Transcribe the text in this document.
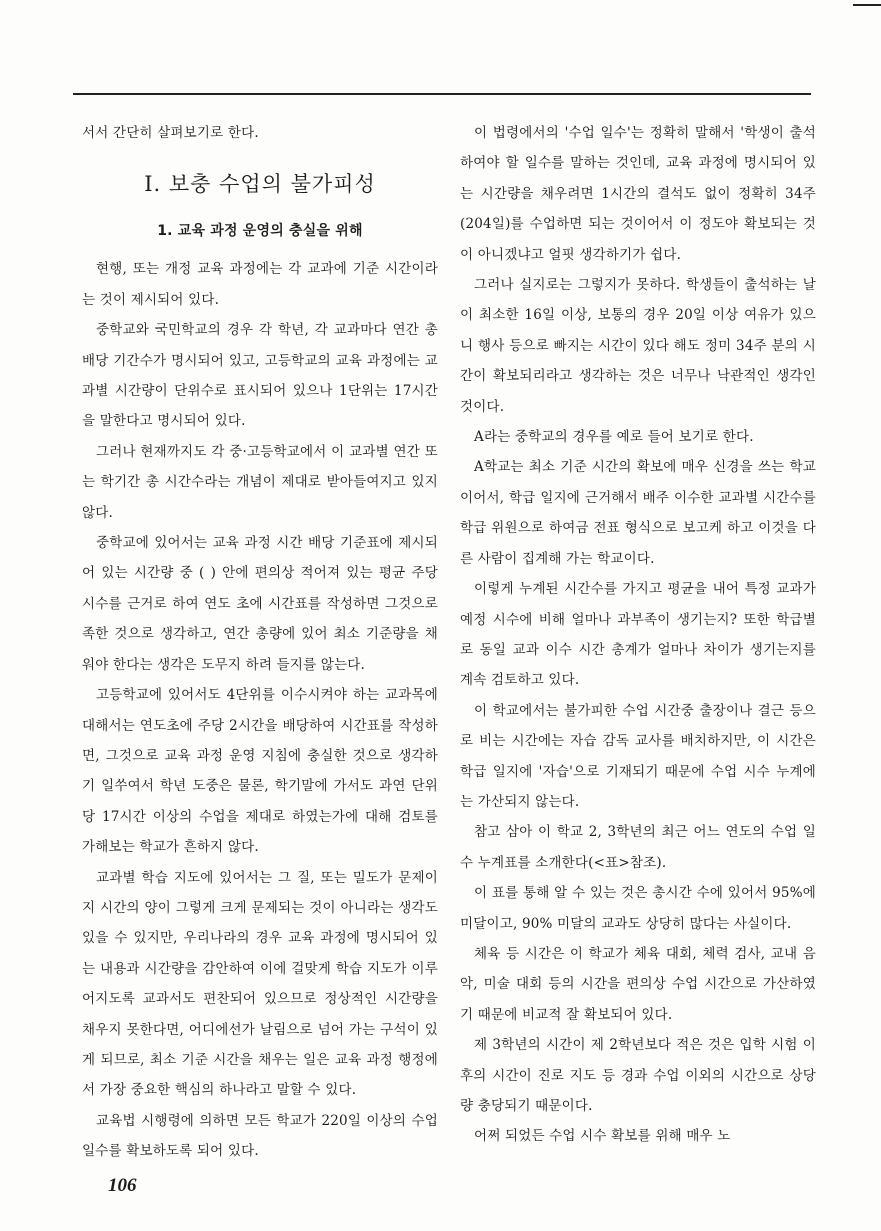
서서 간단히 살펴보기로 한다.

Ⅰ. 보충 수업의 불가피성
1. 교육 과정 운영의 충실을 위해

현행, 또는 개정 교육 과정에는 각 교과에 기준 시간이라는 것이 제시되어 있다.

중학교와 국민학교의 경우 각 학년, 각 교과마다 연간 총 배당 기간수가 명시되어 있고, 고등학교의 교육 과정에는 교과별 시간량이 단위수로 표시되어 있으나 1단위는 17시간을 말한다고 명시되어 있다.

그러나 현재까지도 각 중·고등학교에서 이 교과별 연간 또는 학기간 총 시간수라는 개념이 제대로 받아들여지고 있지 않다.

중학교에 있어서는 교육 과정 시간 배당 기준표에 제시되어 있는 시간량 중 ( ) 안에 편의상 적어져 있는 평균 주당 시수를 근거로 하여 연도 초에 시간표를 작성하면 그것으로 족한 것으로 생각하고, 연간 총량에 있어 최소 기준량을 채워야 한다는 생각은 도무지 하려 들지를 않는다.

고등학교에 있어서도 4단위를 이수시켜야 하는 교과목에 대해서는 연도초에 주당 2시간을 배당하여 시간표를 작성하면, 그것으로 교육 과정 운영 지침에 충실한 것으로 생각하기 일쑤여서 학년 도중은 물론, 학기말에 가서도 과연 단위당 17시간 이상의 수업을 제대로 하였는가에 대해 검토를 가해보는 학교가 흔하지 않다.

교과별 학습 지도에 있어서는 그 질, 또는 밀도가 문제이지 시간의 양이 그렇게 크게 문제되는 것이 아니라는 생각도 있을 수 있지만, 우리나라의 경우 교육 과정에 명시되어 있는 내용과 시간량을 감안하여 이에 걸맞게 학습 지도가 이루어지도록 교과서도 편찬되어 있으므로 정상적인 시간량을 채우지 못한다면, 어디에선가 날림으로 넘어 가는 구석이 있게 되므로, 최소 기준 시간을 채우는 일은 교육 과정 행정에서 가장 중요한 핵심의 하나라고 말할 수 있다.

교육법 시행령에 의하면 모든 학교가 220일 이상의 수업 일수를 확보하도록 되어 있다.

이 법령에서의 '수업 일수'는 정확히 말해서 '학생이 출석하여야 할 일수를 말하는 것인데, 교육 과정에 명시되어 있는 시간량을 채우려면 1시간의 결석도 없이 정확히 34주(204일)를 수업하면 되는 것이어서 이 정도야 확보되는 것이 아니겠냐고 얼핏 생각하기가 쉽다.

그러나 실지로는 그렇지가 못하다. 학생들이 출석하는 날이 최소한 16일 이상, 보통의 경우 20일 이상 여유가 있으니 행사 등으로 빠지는 시간이 있다 해도 정미 34주 분의 시간이 확보되리라고 생각하는 것은 너무나 낙관적인 생각인 것이다.

A라는 중학교의 경우를 예로 들어 보기로 한다.

A학교는 최소 기준 시간의 확보에 매우 신경을 쓰는 학교이어서, 학급 일지에 근거해서 배주 이수한 교과별 시간수를 학급 위원으로 하여금 전표 형식으로 보고케 하고 이것을 다른 사람이 집계해 가는 학교이다.

이렇게 누계된 시간수를 가지고 평균을 내어 특정 교과가 예정 시수에 비해 얼마나 과부족이 생기는지? 또한 학급별로 동일 교과 이수 시간 총계가 얼마나 차이가 생기는지를 계속 검토하고 있다.

이 학교에서는 불가피한 수업 시간중 출장이나 결근 등으로 비는 시간에는 자습 감독 교사를 배치하지만, 이 시간은 학급 일지에 '자습'으로 기재되기 때문에 수업 시수 누계에는 가산되지 않는다.

참고 삼아 이 학교 2, 3학년의 최근 어느 연도의 수업 일수 누계표를 소개한다(<표>참조).

이 표를 통해 알 수 있는 것은 총시간 수에 있어서 95%에 미달이고, 90% 미달의 교과도 상당히 많다는 사실이다.

체육 등 시간은 이 학교가 체육 대회, 체력 검사, 교내 음악, 미술 대회 등의 시간을 편의상 수업 시간으로 가산하였기 때문에 비교적 잘 확보되어 있다.

제 3학년의 시간이 제 2학년보다 적은 것은 입학 시험 이후의 시간이 진로 지도 등 경과 수업 이외의 시간으로 상당량 충당되기 때문이다.

어쩌 되었든 수업 시수 확보를 위해 매우 노

106
